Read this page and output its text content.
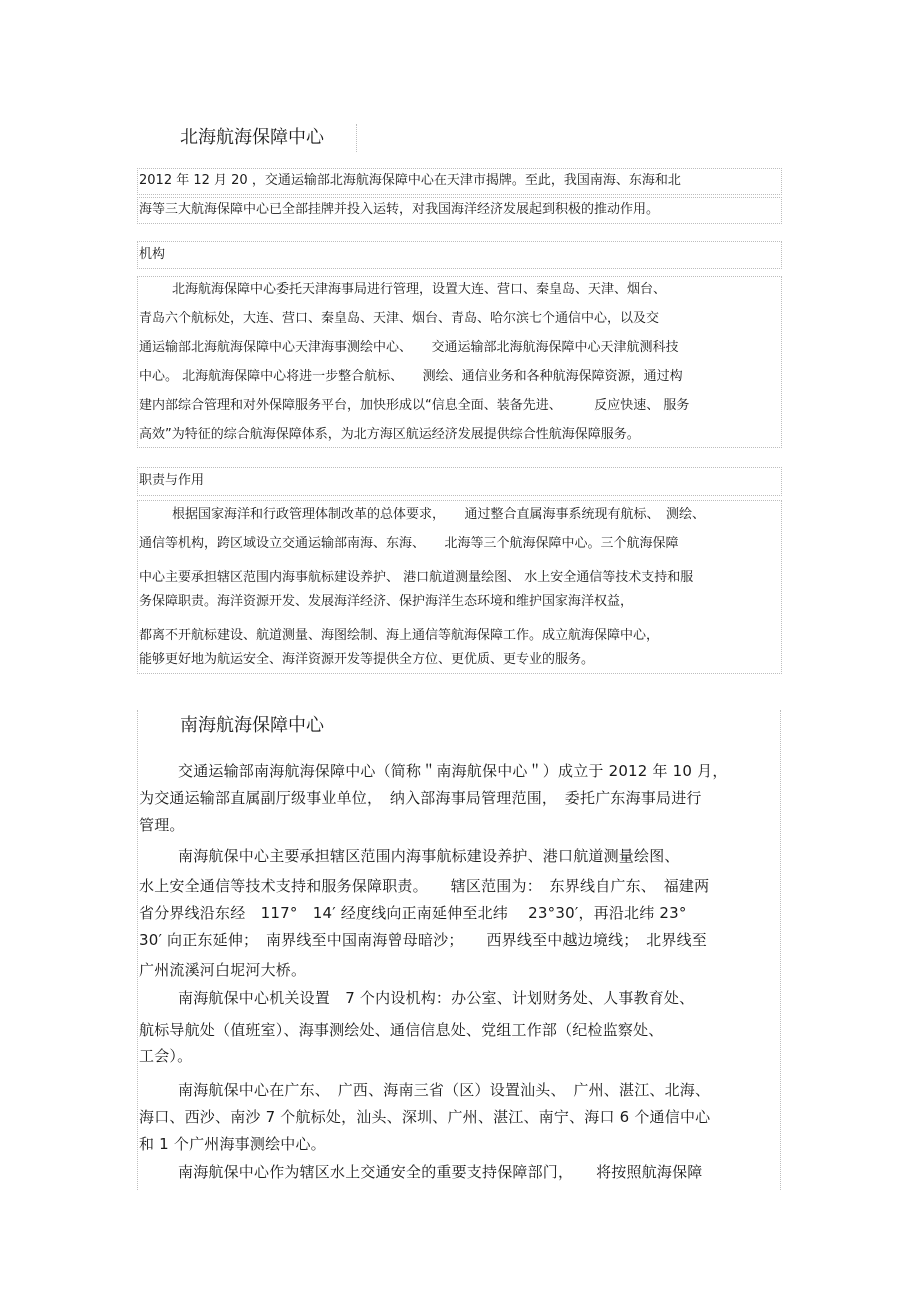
北海航海保障中心
2012 年 12 月 20 ，交通运输部北海航海保障中心在天津市揭牌。至此，我国南海、东海和北
海等三大航海保障中心已全部挂牌并投入运转，对我国海洋经济发展起到积极的推动作用。
机构
北海航海保障中心委托天津海事局进行管理，设置大连、营口、秦皇岛、天津、烟台、
青岛六个航标处，大连、营口、秦皇岛、天津、烟台、青岛、哈尔滨七个通信中心，以及交
通运输部北海航海保障中心天津海事测绘中心、　　交通运输部北海航海保障中心天津航测科技
中心。 北海航海保障中心将进一步整合航标、　　测绘、通信业务和各种航海保障资源，通过构
建内部综合管理和对外保障服务平台，加快形成以“信息全面、装备先进、　　　反应快速、 服务
高效”为特征的综合航海保障体系，为北方海区航运经济发展提供综合性航海保障服务。
职责与作用
根据国家海洋和行政管理体制改革的总体要求，　　通过整合直属海事系统现有航标、　测绘、
通信等机构，跨区域设立交通运输部南海、东海、　　北海等三个航海保障中心。三个航海保障
中心主要承担辖区范围内海事航标建设养护、 港口航道测量绘图、 水上安全通信等技术支持和服
务保障职责。海洋资源开发、发展海洋经济、保护海洋生态环境和维护国家海洋权益，
都离不开航标建设、航道测量、海图绘制、海上通信等航海保障工作。成立航海保障中心，
能够更好地为航运安全、海洋资源开发等提供全方位、更优质、更专业的服务。
南海航海保障中心
交通运输部南海航海保障中心（简称＂南海航保中心＂）成立于 2012 年 10 月，
为交通运输部直属副厅级事业单位，　纳入部海事局管理范围，　委托广东海事局进行
管理。
南海航保中心主要承担辖区范围内海事航标建设养护、港口航道测量绘图、
水上安全通信等技术支持和服务保障职责。　　辖区范围为：　东界线自广东、　福建两
省分界线沿东经　117°　14′ 经度线向正南延伸至北纬　 23°30′，再沿北纬 23°
30′ 向正东延伸；　南界线至中国南海曾母暗沙；　　西界线至中越边境线；　北界线至
广州流溪河白坭河大桥。
南海航保中心机关设置　7 个内设机构：办公室、计划财务处、人事教育处、
航标导航处（值班室）、海事测绘处、通信信息处、党组工作部（纪检监察处、
工会）。
南海航保中心在广东、　广西、海南三省（区）设置汕头、　广州、湛江、北海、
海口、西沙、南沙 7 个航标处，汕头、深圳、广州、湛江、南宁、海口 6 个通信中心
和 1 个广州海事测绘中心。
南海航保中心作为辖区水上交通安全的重要支持保障部门，　　将按照航海保障
